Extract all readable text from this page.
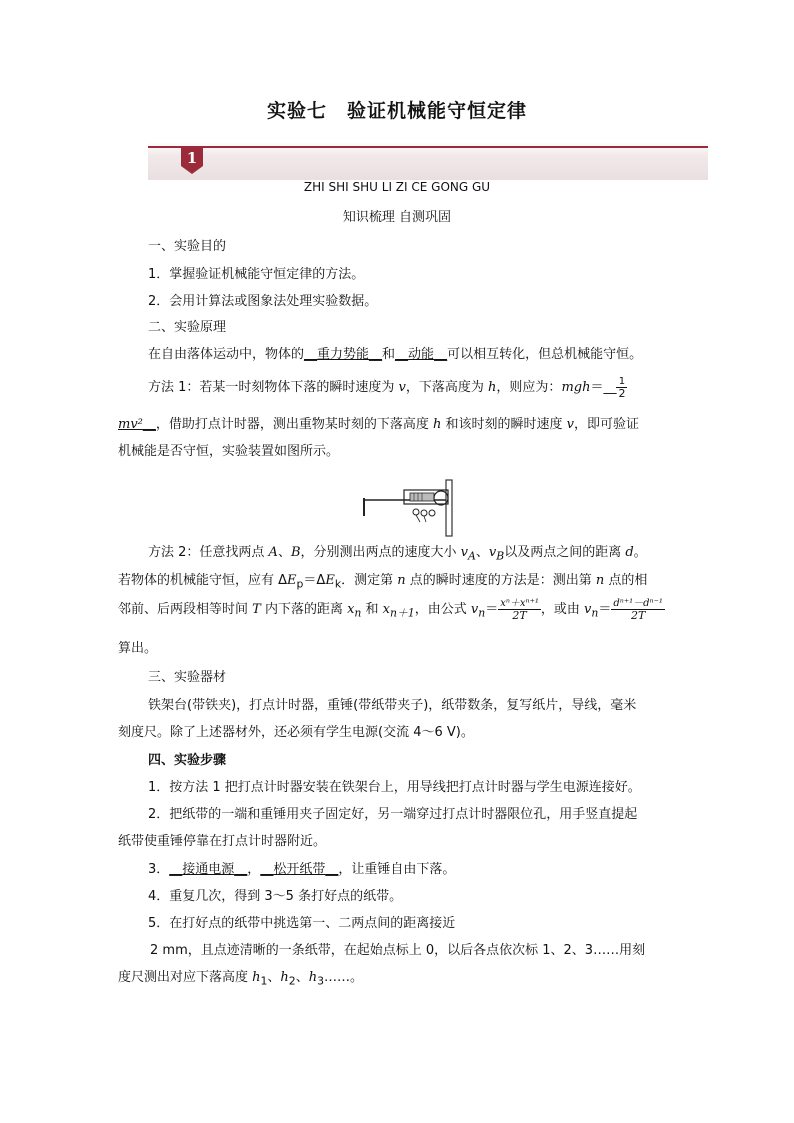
实验七　验证机械能守恒定律
1
ZHI SHI SHU LI ZI CE GONG GU
知识梳理 自测巩固
一、实验目的
1．掌握验证机械能守恒定律的方法。
2．会用计算法或图象法处理实验数据。
二、实验原理
在自由落体运动中，物体的__重力势能__和__动能__可以相互转化，但总机械能守恒。
方法 1：若某一时刻物体下落的瞬时速度为 v，下落高度为 h，则应为：mgh＝__ $\frac{1}{2}$
mv²__，借助打点计时器，测出重物某时刻的下落高度 h 和该时刻的瞬时速度 v，即可验证
机械能是否守恒，实验装置如图所示。
方法 2：任意找两点 A、B，分别测出两点的速度大小 $v_A$、$v_B$以及两点之间的距离 d。
若物体的机械能守恒，应有 $\Delta E_p=\Delta E_k$．测定第 n 点的瞬时速度的方法是：测出第 n 点的相
邻前、后两段相等时间 T 内下落的距离 $x_n$ 和 $x_{n+1}$，由公式 $v_n= \frac{\text{xⁿ＋xⁿ⁺¹}}{2T}$ ，或由 $v_n= \frac{\text{dⁿ⁺¹－dⁿ⁻¹}}{2T}$
算出。
三、实验器材
铁架台(带铁夹)，打点计时器，重锤(带纸带夹子)，纸带数条，复写纸片，导线，毫米
刻度尺。除了上述器材外，还必须有学生电源(交流 4～6 V)。
四、实验步骤
1．按方法 1 把打点计时器安装在铁架台上，用导线把打点计时器与学生电源连接好。
2．把纸带的一端和重锤用夹子固定好，另一端穿过打点计时器限位孔，用手竖直提起
纸带使重锤停靠在打点计时器附近。
3．__接通电源__，__松开纸带__，让重锤自由下落。
4．重复几次，得到 3～5 条打好点的纸带。
5．在打好点的纸带中挑选第一、二两点间的距离接近
2 mm，且点迹清晰的一条纸带，在起始点标上 0，以后各点依次标 1、2、3……用刻
度尺测出对应下落高度 $h_1$、$h_2$、$h_3\dots\dots$。
